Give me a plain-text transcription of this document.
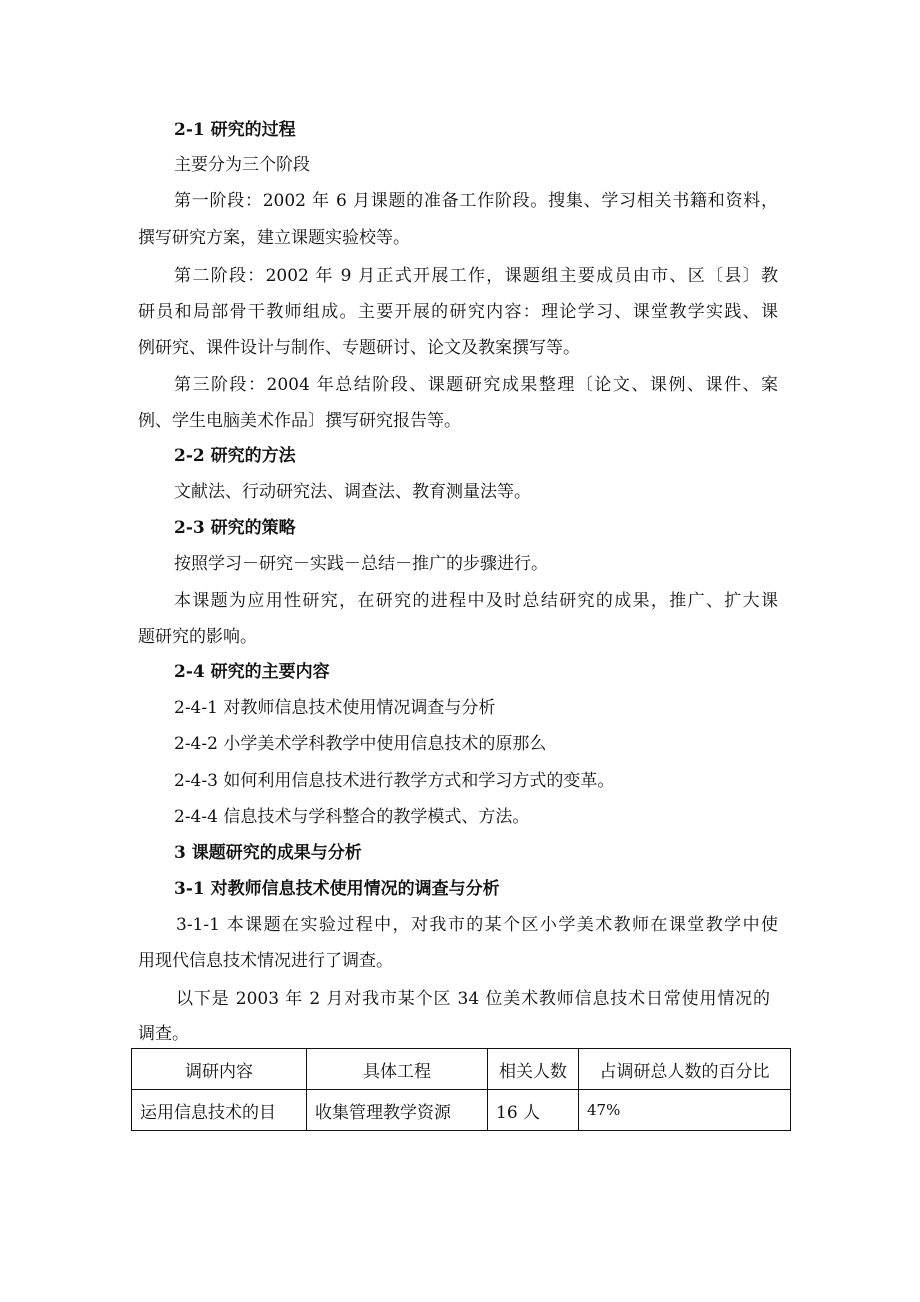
2-1 研究的过程
主要分为三个阶段
第一阶段：2002 年 6 月课题的准备工作阶段。搜集、学习相关书籍和资料，
撰写研究方案，建立课题实验校等。
第二阶段：2002 年 9 月正式开展工作，课题组主要成员由市、区〔县〕教
研员和局部骨干教师组成。主要开展的研究内容：理论学习、课堂教学实践、课
例研究、课件设计与制作、专题研讨、论文及教案撰写等。
第三阶段：2004 年总结阶段、课题研究成果整理〔论文、课例、课件、案
例、学生电脑美术作品〕撰写研究报告等。
2-2 研究的方法
文献法、行动研究法、调查法、教育测量法等。
2-3 研究的策略
按照学习－研究－实践－总结－推广的步骤进行。
本课题为应用性研究，在研究的进程中及时总结研究的成果，推广、扩大课
题研究的影响。
2-4 研究的主要内容
2-4-1 对教师信息技术使用情况调查与分析
2-4-2 小学美术学科教学中使用信息技术的原那么
2-4-3 如何利用信息技术进行教学方式和学习方式的变革。
2-4-4 信息技术与学科整合的教学模式、方法。
3 课题研究的成果与分析
3-1 对教师信息技术使用情况的调查与分析
3-1-1 本课题在实验过程中，对我市的某个区小学美术教师在课堂教学中使
用现代信息技术情况进行了调查。
以下是 2003 年 2 月对我市某个区 34 位美术教师信息技术日常使用情况的
调查。
调研内容	具体工程	相关人数	占调研总人数的百分比
运用信息技术的目	收集管理教学资源	16 人	47%
